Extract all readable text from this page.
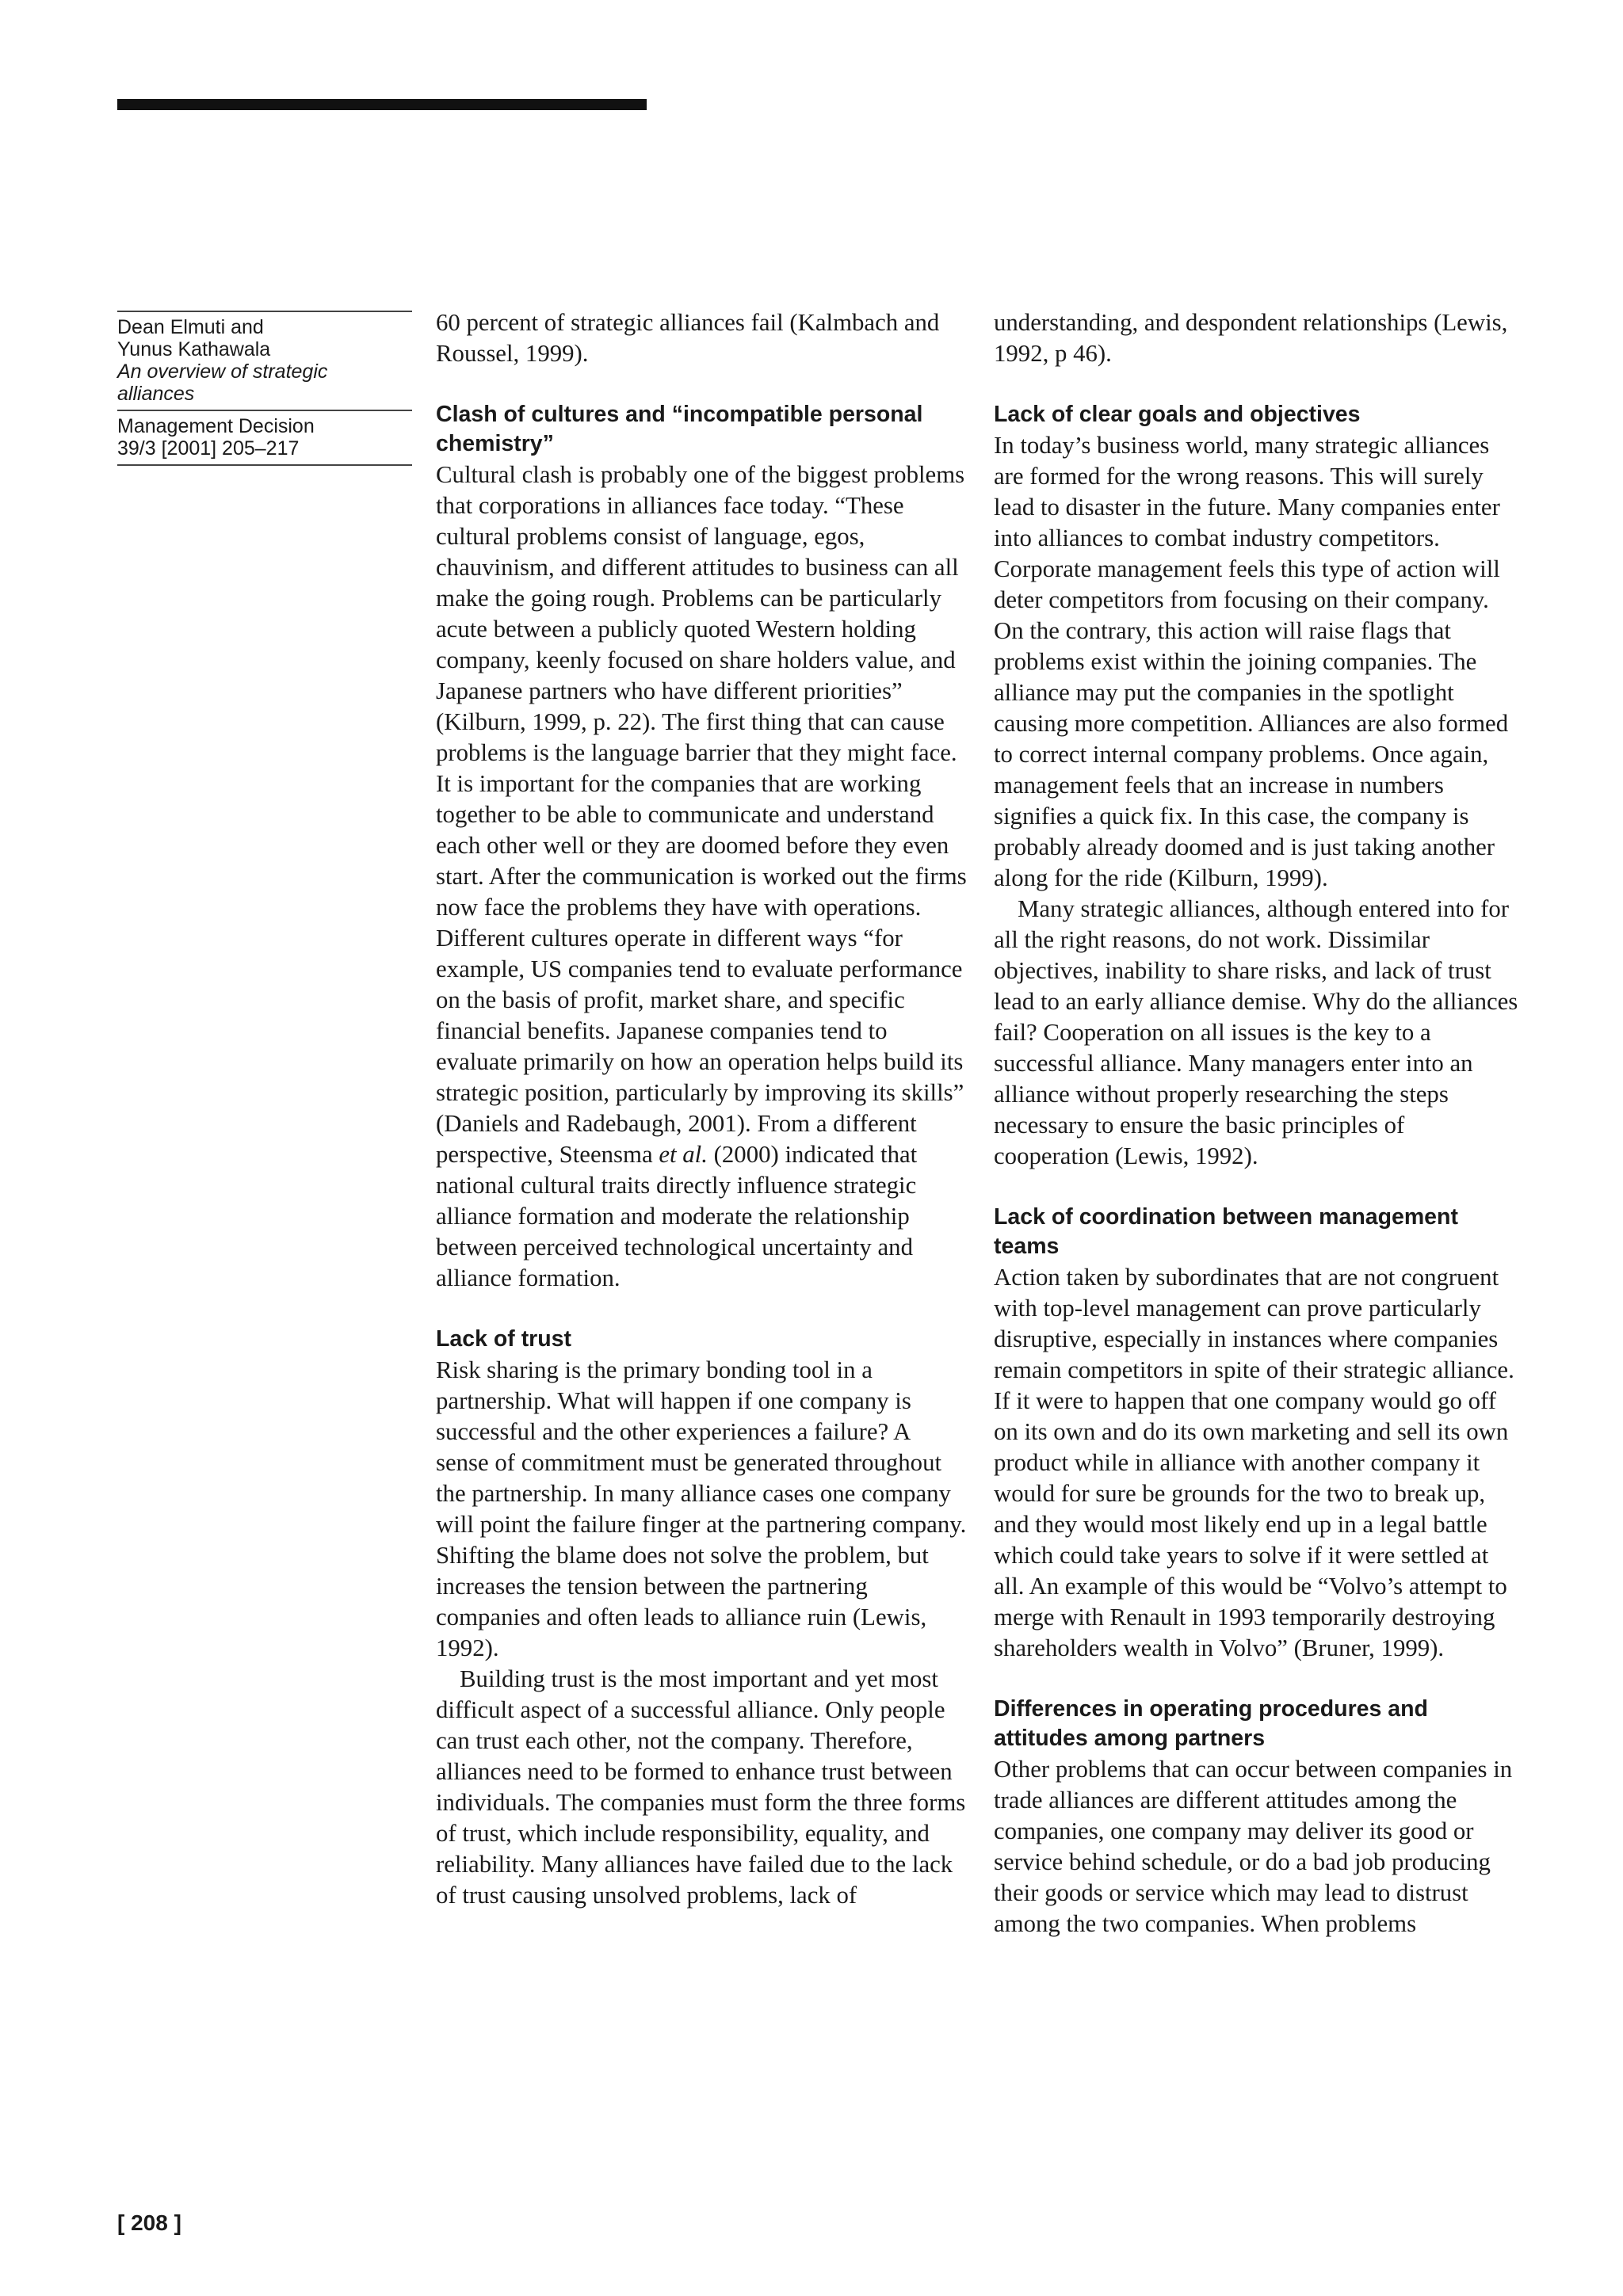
Dean Elmuti and
Yunus Kathawala
An overview of strategic
alliances
Management Decision
39/3 [2001] 205–217

60 percent of strategic alliances fail (Kalmbach and Roussel, 1999).

Clash of cultures and “incompatible personal chemistry”

Cultural clash is probably one of the biggest problems that corporations in alliances face today. “These cultural problems consist of language, egos, chauvinism, and different attitudes to business can all make the going rough. Problems can be particularly acute between a publicly quoted Western holding company, keenly focused on share holders value, and Japanese partners who have different priorities” (Kilburn, 1999, p. 22). The first thing that can cause problems is the language barrier that they might face. It is important for the companies that are working together to be able to communicate and understand each other well or they are doomed before they even start. After the communication is worked out the firms now face the problems they have with operations. Different cultures operate in different ways “for example, US companies tend to evaluate performance on the basis of profit, market share, and specific financial benefits. Japanese companies tend to evaluate primarily on how an operation helps build its strategic position, particularly by improving its skills” (Daniels and Radebaugh, 2001). From a different perspective, Steensma et al. (2000) indicated that national cultural traits directly influence strategic alliance formation and moderate the relationship between perceived technological uncertainty and alliance formation.

Lack of trust

Risk sharing is the primary bonding tool in a partnership. What will happen if one company is successful and the other experiences a failure? A sense of commitment must be generated throughout the partnership. In many alliance cases one company will point the failure finger at the partnering company. Shifting the blame does not solve the problem, but increases the tension between the partnering companies and often leads to alliance ruin (Lewis, 1992).

Building trust is the most important and yet most difficult aspect of a successful alliance. Only people can trust each other, not the company. Therefore, alliances need to be formed to enhance trust between individuals. The companies must form the three forms of trust, which include responsibility, equality, and reliability. Many alliances have failed due to the lack of trust causing unsolved problems, lack of

understanding, and despondent relationships (Lewis, 1992, p 46).

Lack of clear goals and objectives

In today’s business world, many strategic alliances are formed for the wrong reasons. This will surely lead to disaster in the future. Many companies enter into alliances to combat industry competitors. Corporate management feels this type of action will deter competitors from focusing on their company. On the contrary, this action will raise flags that problems exist within the joining companies. The alliance may put the companies in the spotlight causing more competition. Alliances are also formed to correct internal company problems. Once again, management feels that an increase in numbers signifies a quick fix. In this case, the company is probably already doomed and is just taking another along for the ride (Kilburn, 1999).

Many strategic alliances, although entered into for all the right reasons, do not work. Dissimilar objectives, inability to share risks, and lack of trust lead to an early alliance demise. Why do the alliances fail? Cooperation on all issues is the key to a successful alliance. Many managers enter into an alliance without properly researching the steps necessary to ensure the basic principles of cooperation (Lewis, 1992).

Lack of coordination between management teams

Action taken by subordinates that are not congruent with top-level management can prove particularly disruptive, especially in instances where companies remain competitors in spite of their strategic alliance. If it were to happen that one company would go off on its own and do its own marketing and sell its own product while in alliance with another company it would for sure be grounds for the two to break up, and they would most likely end up in a legal battle which could take years to solve if it were settled at all. An example of this would be “Volvo’s attempt to merge with Renault in 1993 temporarily destroying shareholders wealth in Volvo” (Bruner, 1999).

Differences in operating procedures and attitudes among partners

Other problems that can occur between companies in trade alliances are different attitudes among the companies, one company may deliver its good or service behind schedule, or do a bad job producing their goods or service which may lead to distrust among the two companies. When problems

[ 208 ]
